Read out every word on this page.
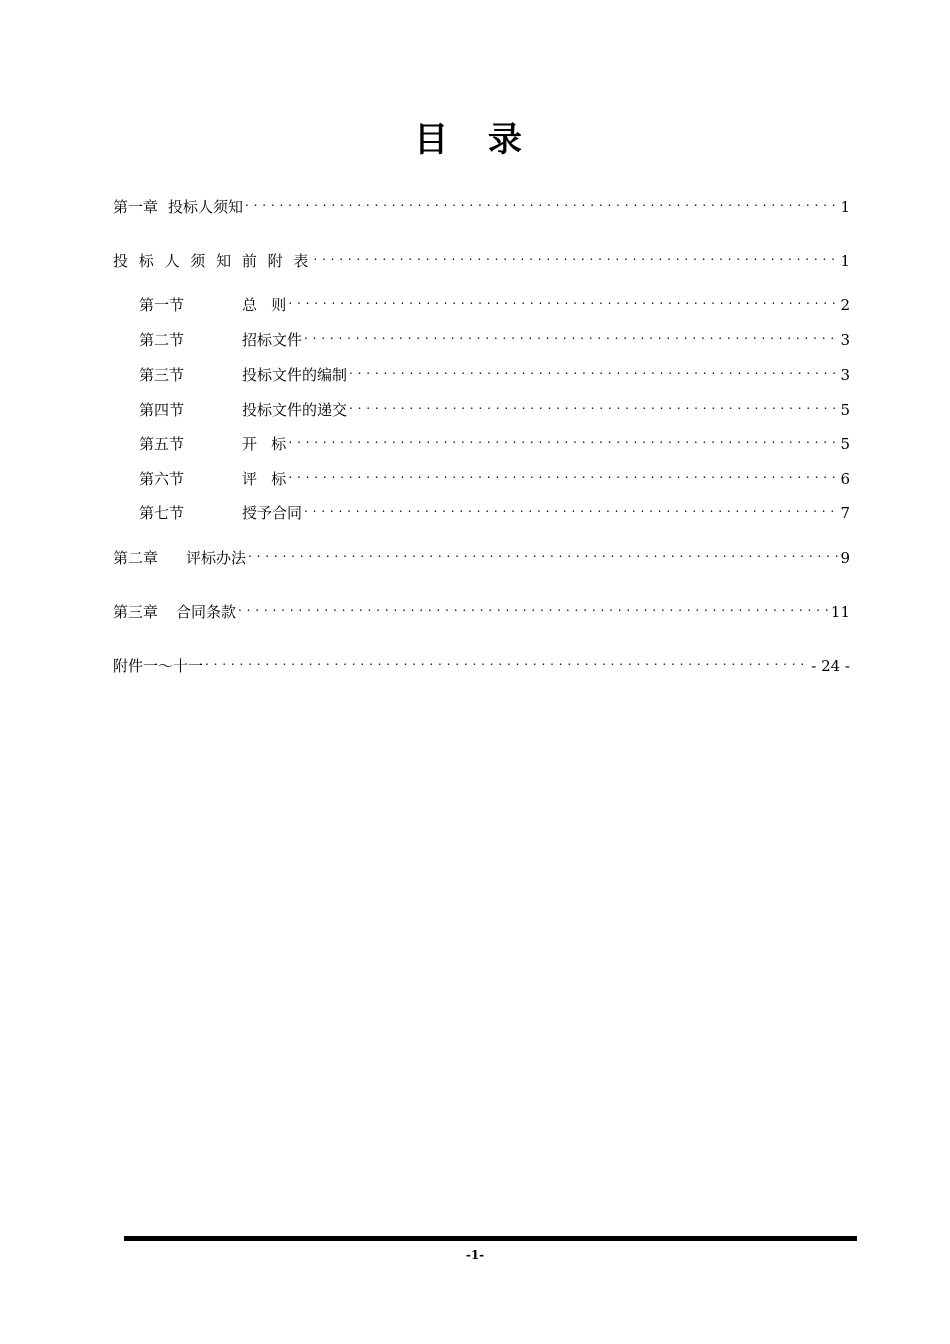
目 录
第一章 投标人须知 . . .	1
投 标 人 须 知 前 附 表 . . .	1
第一节	总   则 . . .	2
第二节	招标文件 . . .	3
第三节	投标文件的编制 . . .	3
第四节	投标文件的递交 . . .	5
第五节	开   标 . . .	5
第六节	评   标 . . .	6
第七节	授予合同 . . .	7
第二章 评标办法 . . .	9
第三章 合同条款 . . .	11
附件一～十一 . . .	- 24 -
-1-
